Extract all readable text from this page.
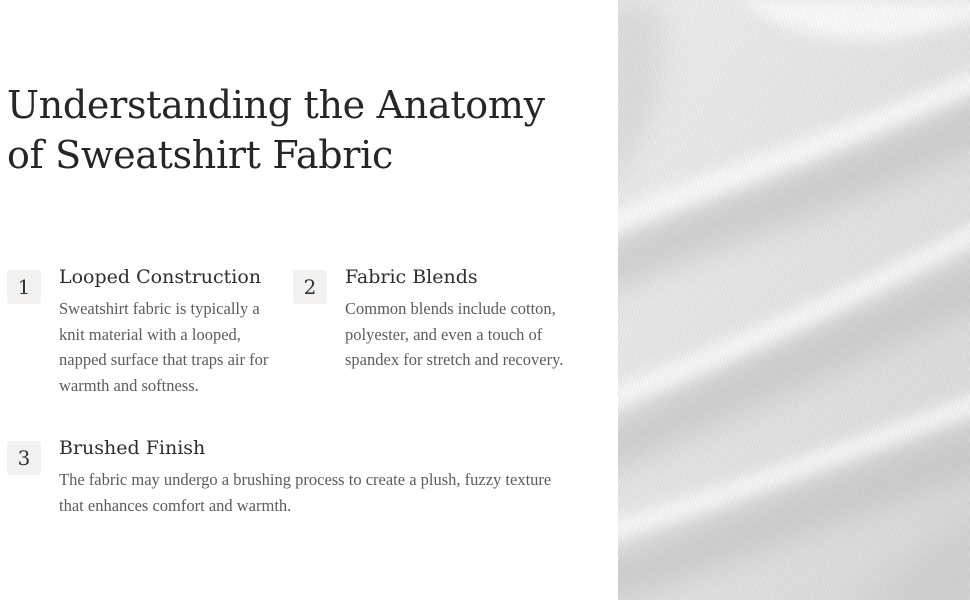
Understanding the Anatomy of Sweatshirt Fabric
1	Looped Construction

Sweatshirt fabric is typically a knit material with a looped, napped surface that traps air for warmth and softness.

2	Fabric Blends

Common blends include cotton, polyester, and even a touch of spandex for stretch and recovery.

3	Brushed Finish

The fabric may undergo a brushing process to create a plush, fuzzy texture that enhances comfort and warmth.
